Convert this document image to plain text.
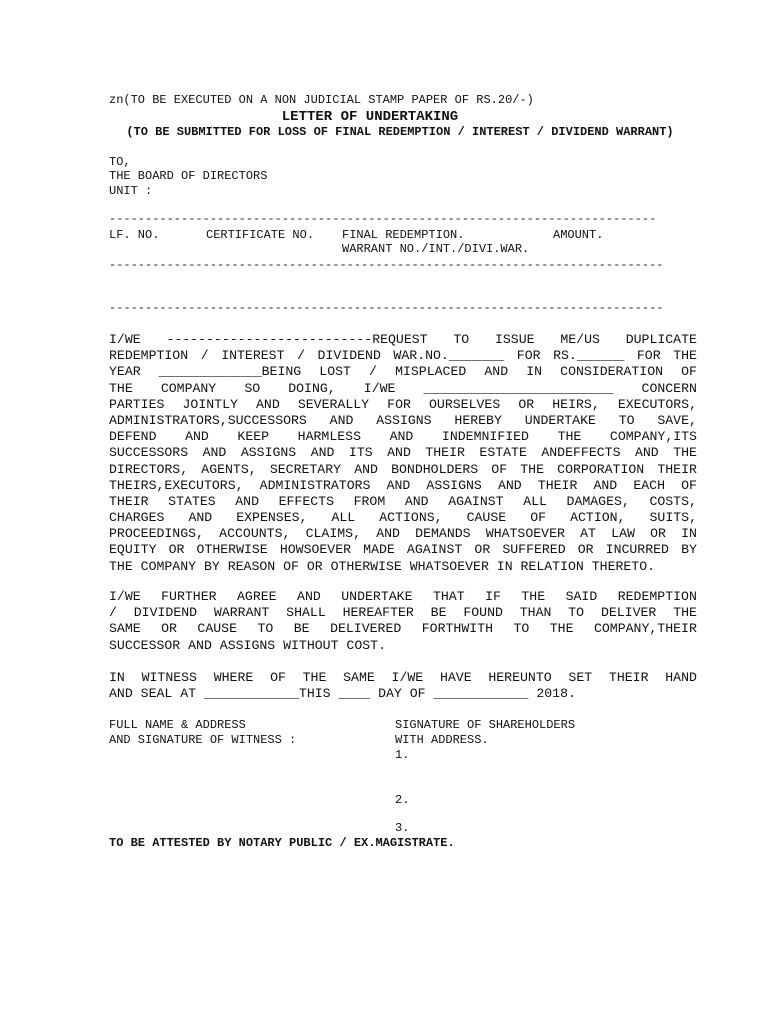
zn(TO BE EXECUTED ON A NON JUDICIAL STAMP PAPER OF RS.20/-)
LETTER OF UNDERTAKING
(TO BE SUBMITTED FOR LOSS OF FINAL REDEMPTION / INTEREST / DIVIDEND WARRANT)
TO,
THE BOARD OF DIRECTORS
UNIT :
----------------------------------------------------------------------------
LF. NO.	CERTIFICATE NO. FINAL REDEMPTION.
WARRANT NO./INT./DIVI.WAR.
AMOUNT.
-----------------------------------------------------------------------------
-----------------------------------------------------------------------------
I/WE --------------------------REQUEST TO ISSUE ME/US DUPLICATE
REDEMPTION / INTEREST / DIVIDEND WAR.NO._______ FOR RS.______ FOR THE
YEAR _____________BEING LOST / MISPLACED AND IN CONSIDERATION OF
THE COMPANY SO DOING, I/WE ________________________ CONCERN
PARTIES JOINTLY AND SEVERALLY FOR OURSELVES OR HEIRS, EXECUTORS,
ADMINISTRATORS,SUCCESSORS AND ASSIGNS HEREBY UNDERTAKE TO SAVE,
DEFEND AND KEEP HARMLESS AND INDEMNIFIED THE COMPANY,ITS
SUCCESSORS AND ASSIGNS AND ITS AND THEIR ESTATE ANDEFFECTS AND THE
DIRECTORS, AGENTS, SECRETARY AND BONDHOLDERS OF THE CORPORATION THEIR
THEIRS,EXECUTORS, ADMINISTRATORS AND ASSIGNS AND THEIR AND EACH OF
THEIR STATES AND EFFECTS FROM AND AGAINST ALL DAMAGES, COSTS,
CHARGES AND EXPENSES, ALL ACTIONS, CAUSE OF ACTION, SUITS,
PROCEEDINGS, ACCOUNTS, CLAIMS, AND DEMANDS WHATSOEVER AT LAW OR IN
EQUITY OR OTHERWISE HOWSOEVER MADE AGAINST OR SUFFERED OR INCURRED BY
THE COMPANY BY REASON OF OR OTHERWISE WHATSOEVER IN RELATION THERETO.
I/WE FURTHER AGREE AND UNDERTAKE THAT IF THE SAID REDEMPTION
/ DIVIDEND WARRANT SHALL HEREAFTER BE FOUND THAN TO DELIVER THE
SAME OR CAUSE TO BE DELIVERED FORTHWITH TO THE COMPANY,THEIR
SUCCESSOR AND ASSIGNS WITHOUT COST.
IN WITNESS WHERE OF THE SAME I/WE HAVE HEREUNTO SET THEIR HAND
AND SEAL AT ____________THIS ____ DAY OF ____________ 2018.
FULL NAME & ADDRESS
AND SIGNATURE OF WITNESS :
SIGNATURE OF SHAREHOLDERS
WITH ADDRESS.
1.
2.
3.
TO BE ATTESTED BY NOTARY PUBLIC / EX.MAGISTRATE.
